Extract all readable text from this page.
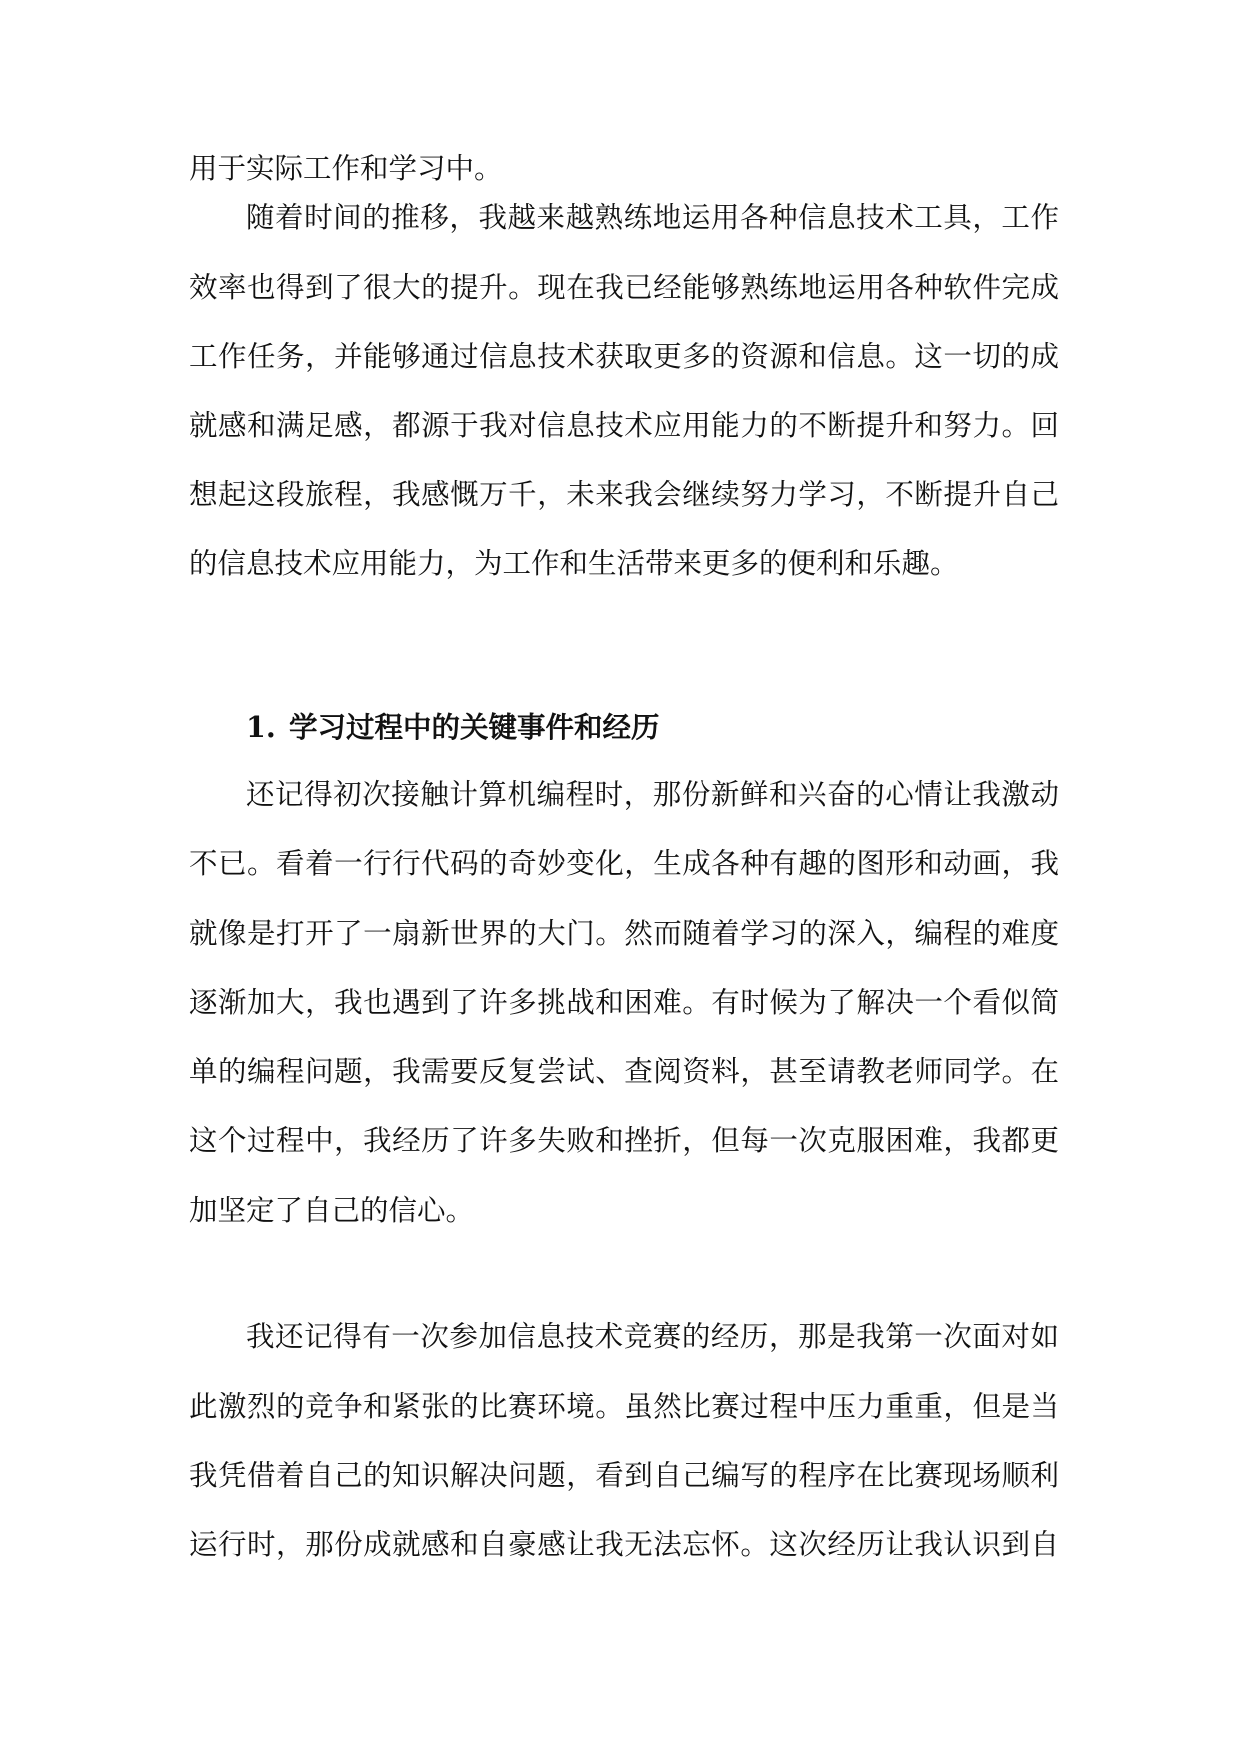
用于实际工作和学习中。
随着时间的推移，我越来越熟练地运用各种信息技术工具，工作
效率也得到了很大的提升。现在我已经能够熟练地运用各种软件完成
工作任务，并能够通过信息技术获取更多的资源和信息。这一切的成
就感和满足感，都源于我对信息技术应用能力的不断提升和努力。回
想起这段旅程，我感慨万千，未来我会继续努力学习，不断提升自己
的信息技术应用能力，为工作和生活带来更多的便利和乐趣。
1. 学习过程中的关键事件和经历
还记得初次接触计算机编程时，那份新鲜和兴奋的心情让我激动
不已。看着一行行代码的奇妙变化，生成各种有趣的图形和动画，我
就像是打开了一扇新世界的大门。然而随着学习的深入，编程的难度
逐渐加大，我也遇到了许多挑战和困难。有时候为了解决一个看似简
单的编程问题，我需要反复尝试、查阅资料，甚至请教老师同学。在
这个过程中，我经历了许多失败和挫折，但每一次克服困难，我都更
加坚定了自己的信心。
我还记得有一次参加信息技术竞赛的经历，那是我第一次面对如
此激烈的竞争和紧张的比赛环境。虽然比赛过程中压力重重，但是当
我凭借着自己的知识解决问题，看到自己编写的程序在比赛现场顺利
运行时，那份成就感和自豪感让我无法忘怀。这次经历让我认识到自
